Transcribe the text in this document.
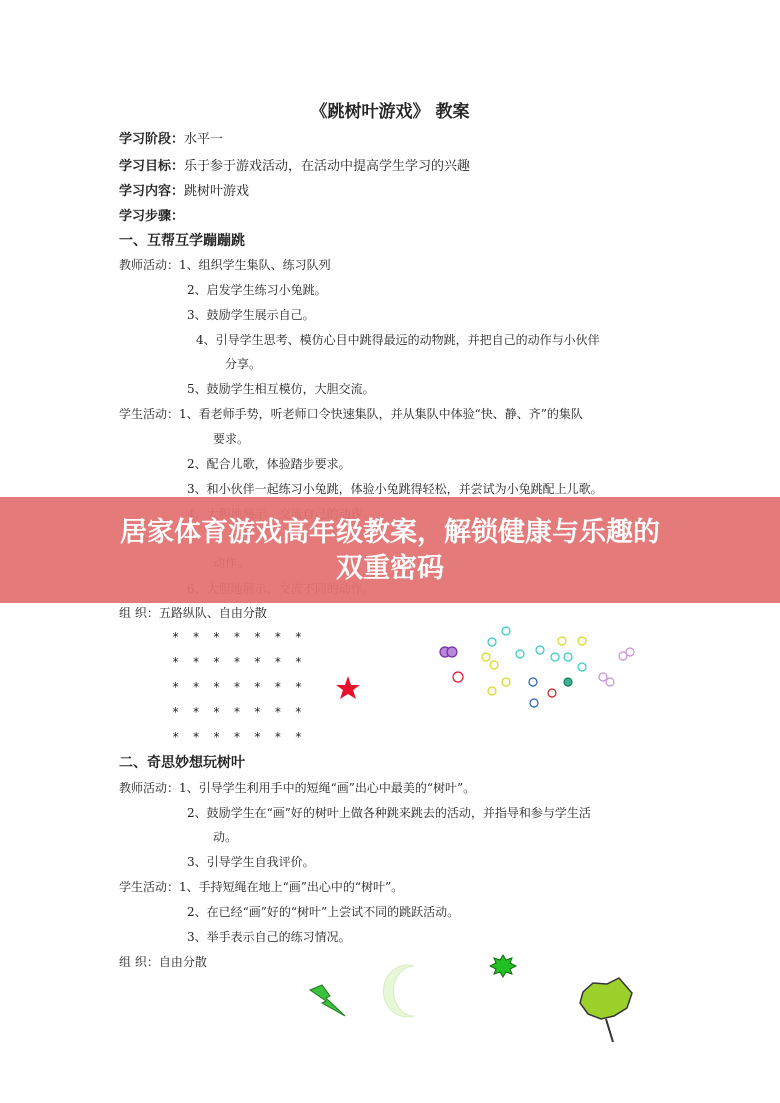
《跳树叶游戏》 教案
学习阶段：水平一
学习目标：乐于参于游戏活动，在活动中提高学生学习的兴趣
学习内容：跳树叶游戏
学习步骤：
一、互帮互学蹦蹦跳
教师活动：1、组织学生集队、练习队列
2、启发学生练习小兔跳。
3、鼓励学生展示自己。
4、引导学生思考、模仿心目中跳得最远的动物跳，并把自己的动作与小伙伴
分享。
5、鼓励学生相互模仿，大胆交流。
学生活动：1、看老师手势，听老师口令快速集队，并从集队中体验“快、静、齐”的集队
要求。
2、配合儿歌，体验踏步要求。
3、和小伙伴一起练习小兔跳，体验小兔跳得轻松，并尝试为小兔跳配上儿歌。
组 织：五路纵队、自由分散
* * * * * * *
* * * * * * *
* * * * * * *
* * * * * * *
* * * * * * *
二、奇思妙想玩树叶
教师活动：1、引导学生利用手中的短绳“画”出心中最美的“树叶”。
2、鼓励学生在“画”好的树叶上做各种跳来跳去的活动，并指导和参与学生活
动。
3、引导学生自我评价。
学生活动：1、手持短绳在地上“画”出心中的“树叶”。
2、在已经“画”好的“树叶”上尝试不同的跳跃活动。
3、举手表示自己的练习情况。
组 织：自由分散
居家体育游戏高年级教案，解锁健康与乐趣的
双重密码
